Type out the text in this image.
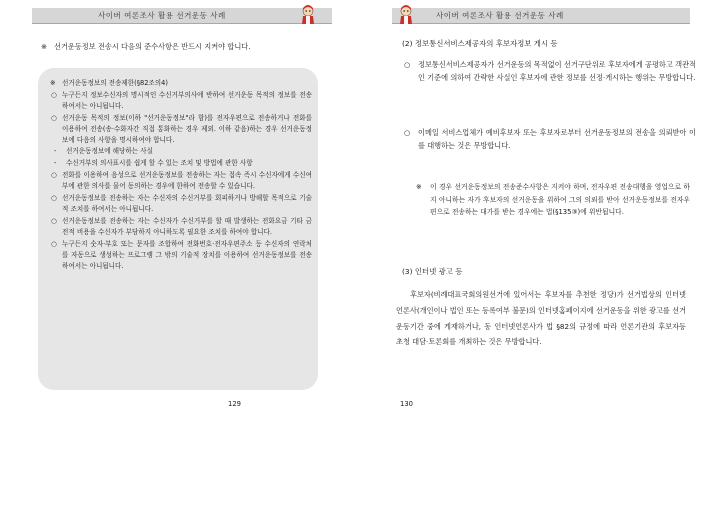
사이버 여론조사 활용 선거운동 사례
※ 선거운동정보 전송시 다음의 준수사항은 반드시 지켜야 합니다.
※ 선거운동정보의 전송제한(§82조의4)
○ 누구든지 정보수신자의 명시적인 수신거부의사에 반하여 선거운동 목적의 정보를 전송하여서는 아니됩니다.
○ 선거운동 목적의 정보(이하 "선거운동정보"라 함)를 전자우편으로 전송하거나 전화를 이용하여 전송(송·수화자간 직접 통화하는 경우 제외. 이하 같음)하는 경우 선거운동정보에 다음의 사항을 명시하여야 합니다.
- 선거운동정보에 해당하는 사실
- 수신거부의 의사표시를 쉽게 할 수 있는 조치 및 방법에 관한 사항
○ 전화를 이용하여 음성으로 선거운동정보를 전송하는 자는 접속 즉시 수신자에게 수신여부에 관한 의사를 물어 동의하는 경우에 한하여 전송할 수 있습니다.
○ 선거운동정보를 전송하는 자는 수신자의 수신거부를 회피하거나 방해할 목적으로 기술적 조치를 하여서는 아니됩니다.
○ 선거운동정보를 전송하는 자는 수신자가 수신거부를 할 때 발생하는 전화요금 기타 금전적 비용을 수신자가 부담하지 아니하도록 필요한 조치를 하여야 합니다.
○ 누구든지 숫자·부호 또는 문자를 조합하여 전화번호·전자우편주소 등 수신자의 연락처를 자동으로 생성하는 프로그램 그 밖의 기술적 장치를 이용하여 선거운동정보를 전송하여서는 아니됩니다.
129
사이버 여론조사 활용 선거운동 사례
(2) 정보통신서비스제공자의 후보자정보 게시 등
○ 정보통신서비스제공자가 선거운동의 목적없이 선거구단위로 후보자에게 공평하고 객관적인 기준에 의하여 간략한 사실인 후보자에 관한 정보를 선정·게시하는 행위는 무방합니다.
○ 이메일 서비스업체가 예비후보자 또는 후보자로부터 선거운동정보의 전송을 의뢰받아 이를 대행하는 것은 무방합니다.
※ 이 경우 선거운동정보의 전송준수사항은 지켜야 하며, 전자우편 전송대행을 영업으로 하지 아니하는 자가 후보자의 선거운동을 위하여 그의 의뢰를 받아 선거운동정보를 전자우편으로 전송하는 대가를 받는 경우에는 법(§135③)에 위반됩니다.
(3) 인터넷 광고 등
후보자(비례대표국회의원선거에 있어서는 후보자를 추천한 정당)가 선거법상의 인터넷언론사(개인이나 법인 또는 등록여부 불문)의 인터넷홈페이지에 선거운동을 위한 광고를 선거운동기간 중에 게재하거나, 동 인터넷언론사가 법 §82의 규정에 따라 언론기관의 후보자등 초청 대담·토론회를 개최하는 것은 무방합니다.
130
